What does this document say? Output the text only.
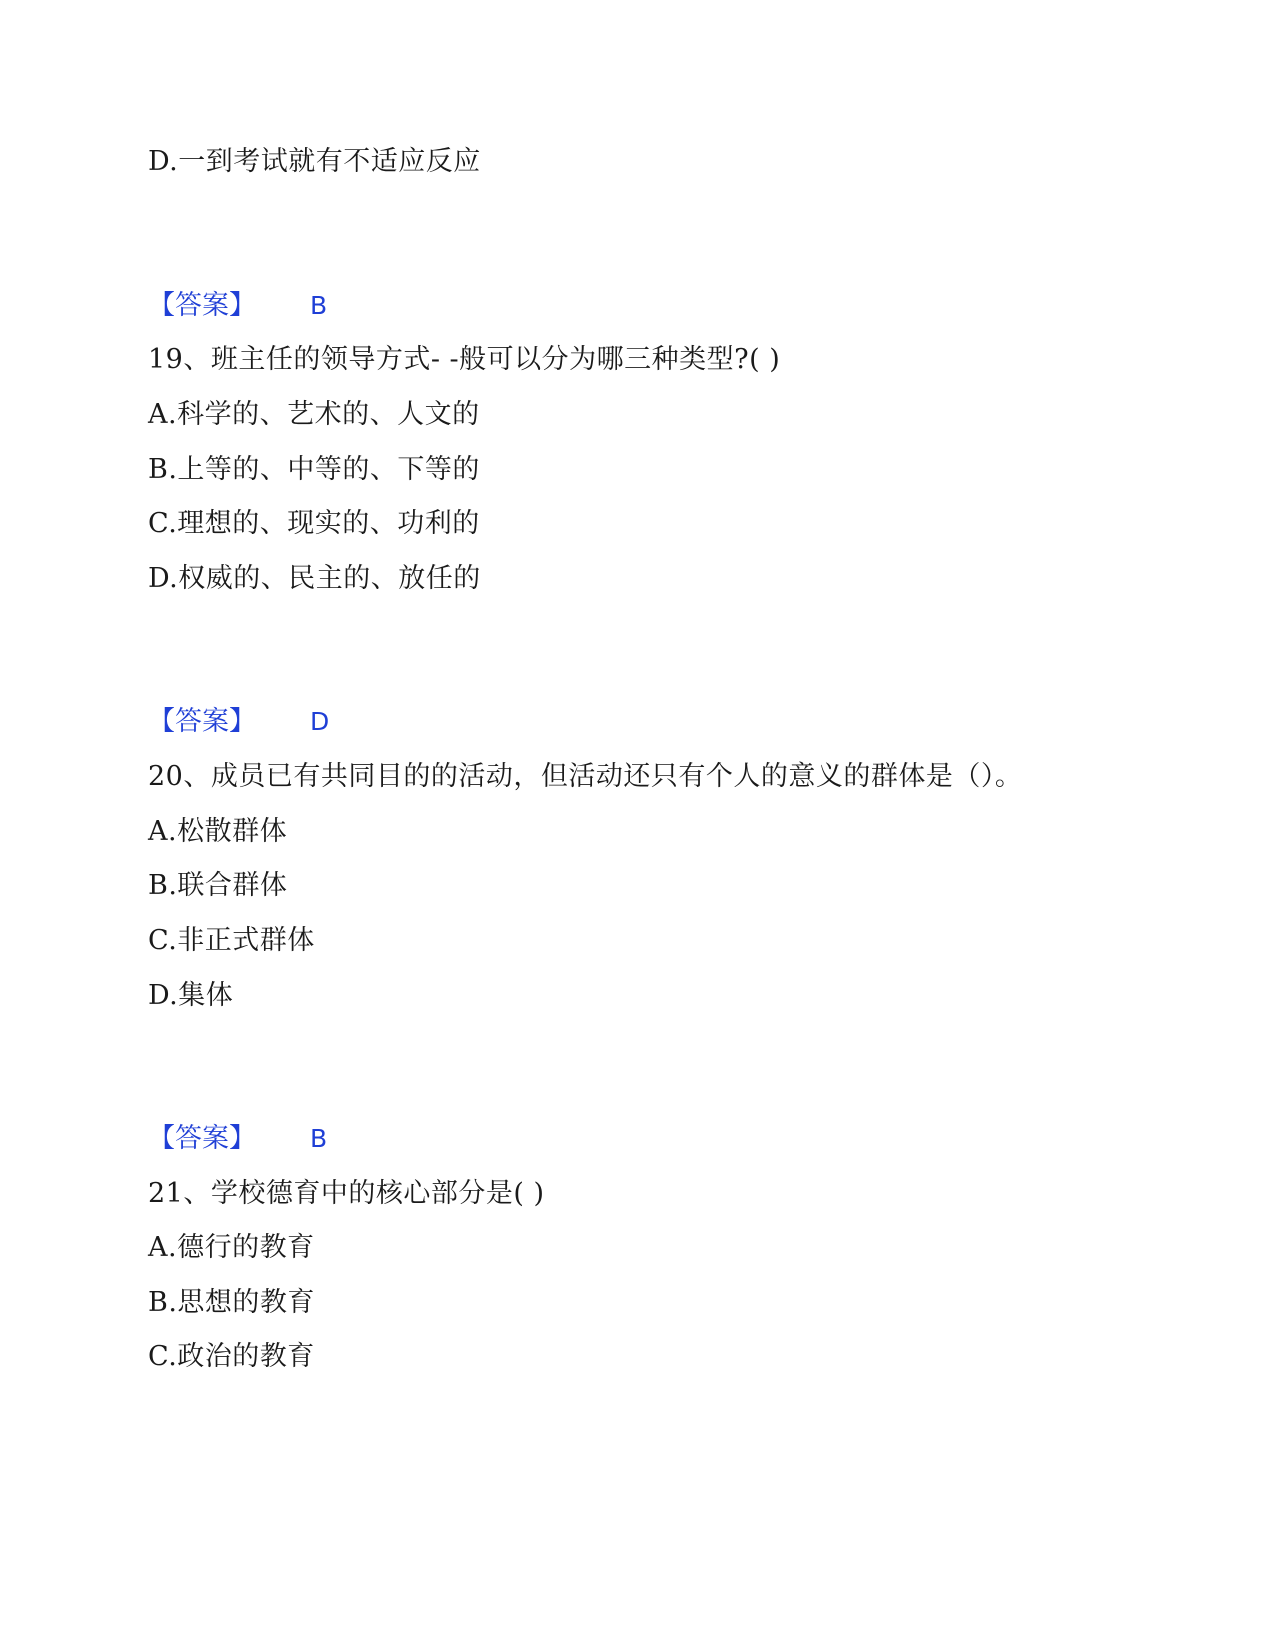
D.一到考试就有不适应反应
【答案】 B
19、班主任的领导方式- -般可以分为哪三种类型?( )
A.科学的、艺术的、人文的
B.上等的、中等的、下等的
C.理想的、现实的、功利的
D.权威的、民主的、放任的
【答案】 D
20、成员已有共同目的的活动，但活动还只有个人的意义的群体是（）。
A.松散群体
B.联合群体
C.非正式群体
D.集体
【答案】 B
21、学校德育中的核心部分是( )
A.德行的教育
B.思想的教育
C.政治的教育
